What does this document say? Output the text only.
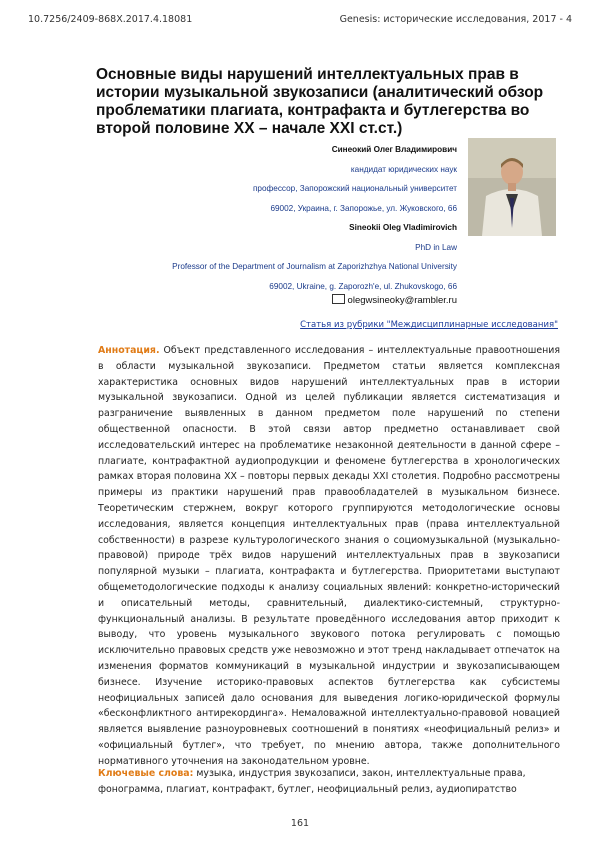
10.7256/2409-868X.2017.4.18081	Genesis: исторические исследования, 2017 - 4
Основные виды нарушений интеллектуальных прав в истории музыкальной звукозаписи (аналитический обзор проблематики плагиата, контрафакта и бутлегерства во второй половине XX – начале XXI ст.ст.)
Синеокий Олег Владимирович
кандидат юридических наук
профессор, Запорожский национальный университет
69002, Украина, г. Запорожье, ул. Жуковского, 66
Sineokii Oleg Vladimirovich
PhD in Law
Professor of the Department of Journalism at Zaporizhzhya National University
69002, Ukraine, g. Zaporozh'e, ul. Zhukovskogo, 66
olegwsineoky@rambler.ru
Статья из рубрики "Междисциплинарные исследования"

Аннотация. Объект представленного исследования – интеллектуальные правоотношения в области музыкальной звукозаписи. Предметом статьи является комплексная характеристика основных видов нарушений интеллектуальных прав в истории музыкальной звукозаписи. Одной из целей публикации является систематизация и разграничение выявленных в данном предметом поле нарушений по степени общественной опасности. В этой связи автор предметно останавливает свой исследовательский интерес на проблематике незаконной деятельности в данной сфере – плагиате, контрафактной аудиопродукции и феномене бутлегерства в хронологических рамках вторая половина XX – повторы первых декады XXI столетия. Подробно рассмотрены примеры из практики нарушений прав правообладателей в музыкальном бизнесе. Теоретическим стержнем, вокруг которого группируются методологические основы исследования, является концепция интеллектуальных прав (права интеллектуальной собственности) в разрезе культурологического знания о социомузыкальной (музыкально-правовой) природе трёх видов нарушений интеллектуальных прав в звукозаписи популярной музыки – плагиата, контрафакта и бутлегерства. Приоритетами выступают общеметодологические подходы к анализу социальных явлений: конкретно-исторический и описательный методы, сравнительный, диалектико-системный, структурно-функциональный анализы. В результате проведённого исследования автор приходит к выводу, что уровень музыкального звукового потока регулировать с помощью исключительно правовых средств уже невозможно и этот тренд накладывает отпечаток на изменения форматов коммуникаций в музыкальной индустрии и звукозаписывающем бизнесе. Изучение историко-правовых аспектов бутлегерства как субсистемы неофициальных записей дало основания для выведения логико-юридической формулы «бесконфликтного антирекординга». Немаловажной интеллектуально-правовой новацией является выявление разноуровневых соотношений в понятиях «неофициальный релиз» и «официальный бутлег», что требует, по мнению автора, также дополнительного нормативного уточнения на законодательном уровне.

Ключевые слова: музыка, индустрия звукозаписи, закон, интеллектуальные права, фонограмма, плагиат, контрафакт, бутлег, неофициальный релиз, аудиопиратство

161
